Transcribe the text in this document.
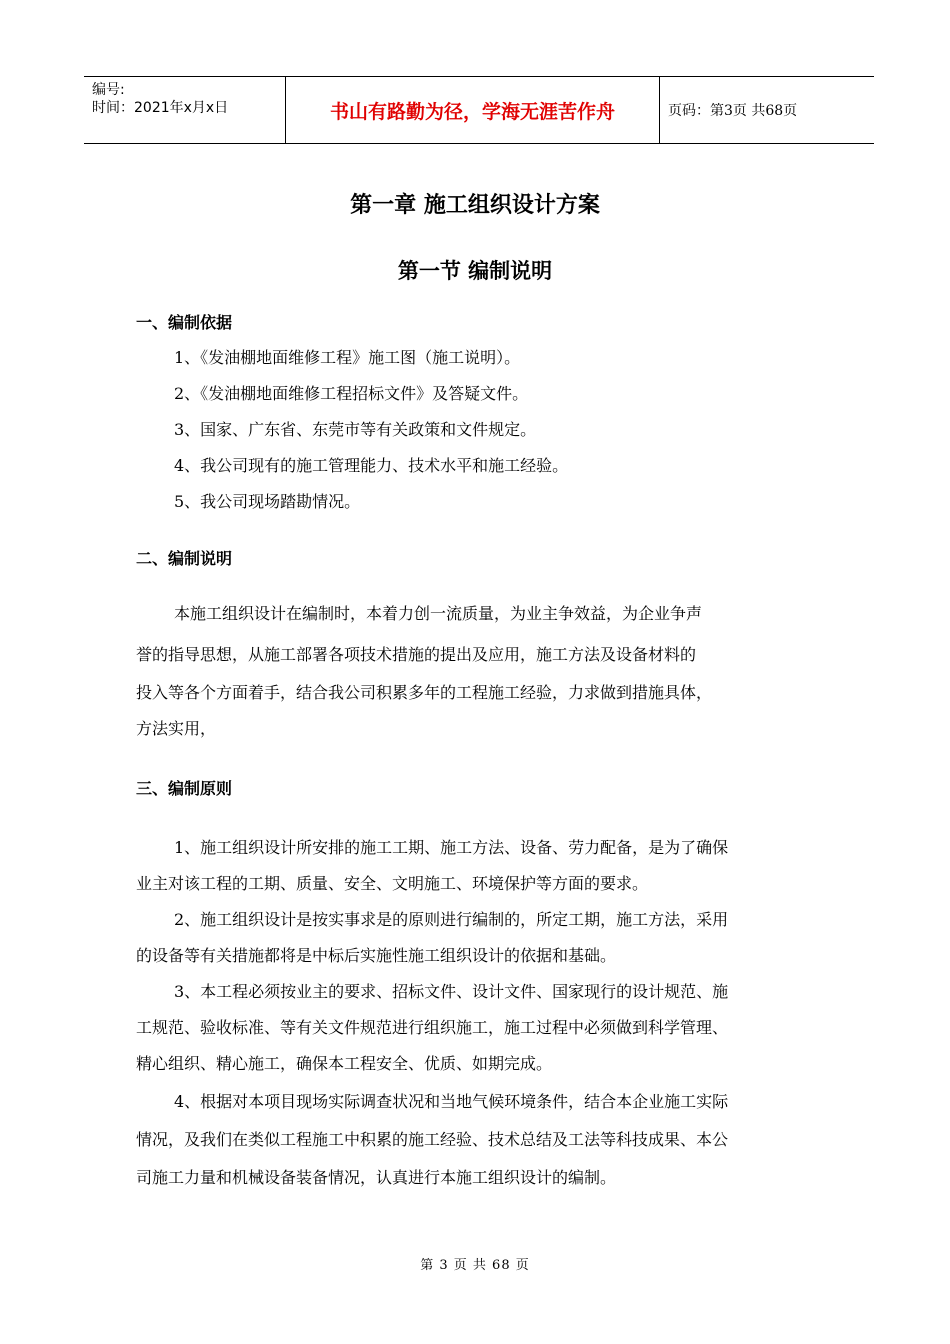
编号:
时间：2021年x月x日	书山有路勤为径，学海无涯苦作舟	页码：第3页 共68页
第一章 施工组织设计方案
第一节 编制说明
一、编制依据
1、《发油棚地面维修工程》施工图（施工说明）。
2、《发油棚地面维修工程招标文件》及答疑文件。
3、国家、广东省、东莞市等有关政策和文件规定。
4、我公司现有的施工管理能力、技术水平和施工经验。
5、我公司现场踏勘情况。
二、编制说明
本施工组织设计在编制时，本着力创一流质量，为业主争效益，为企业争声
誉的指导思想，从施工部署各项技术措施的提出及应用，施工方法及设备材料的
投入等各个方面着手，结合我公司积累多年的工程施工经验，力求做到措施具体，
方法实用，
三、编制原则
1、施工组织设计所安排的施工工期、施工方法、设备、劳力配备，是为了确保
业主对该工程的工期、质量、安全、文明施工、环境保护等方面的要求。
2、施工组织设计是按实事求是的原则进行编制的，所定工期，施工方法，采用
的设备等有关措施都将是中标后实施性施工组织设计的依据和基础。
3、本工程必须按业主的要求、招标文件、设计文件、国家现行的设计规范、施
工规范、验收标准、等有关文件规范进行组织施工，施工过程中必须做到科学管理、
精心组织、精心施工，确保本工程安全、优质、如期完成。
4、根据对本项目现场实际调查状况和当地气候环境条件，结合本企业施工实际
情况，及我们在类似工程施工中积累的施工经验、技术总结及工法等科技成果、本公
司施工力量和机械设备装备情况，认真进行本施工组织设计的编制。
第 3 页 共 68 页
